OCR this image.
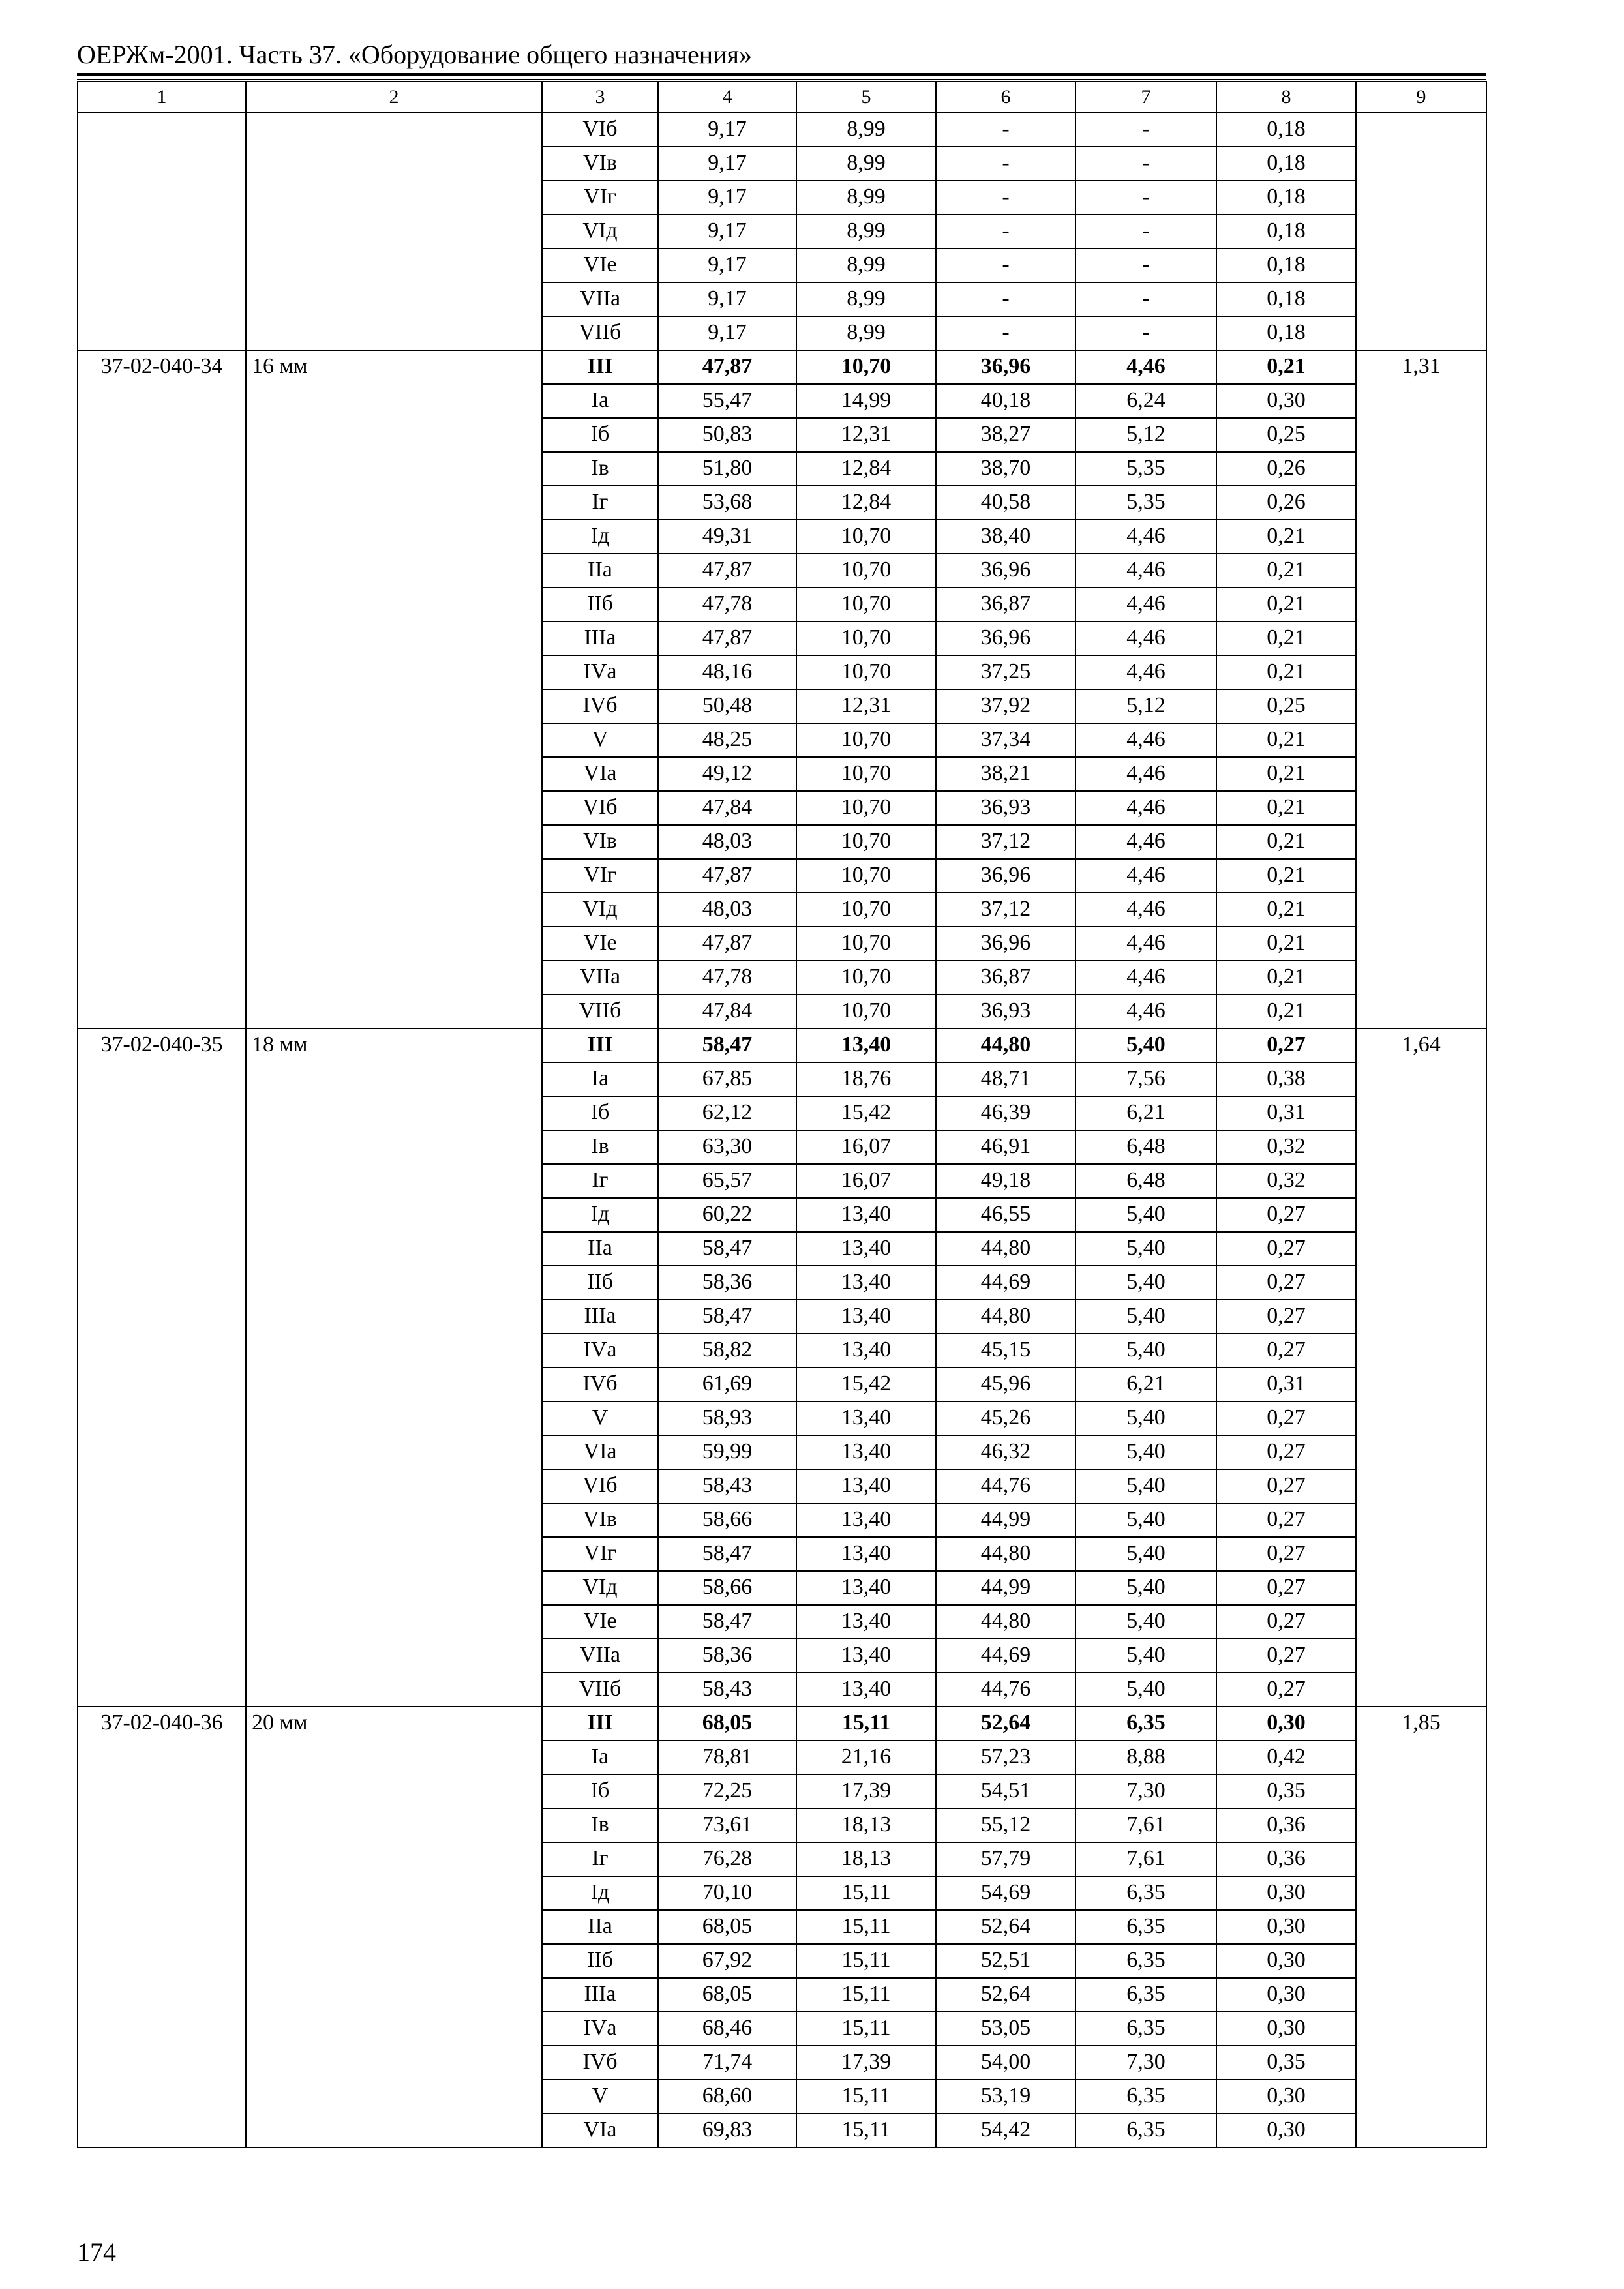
ОЕРЖм-2001. Часть 37. «Оборудование общего назначения»
1	2	3	4	5	6	7	8	9
		VIб	9,17	8,99	-	-	0,18	
		VIв	9,17	8,99	-	-	0,18	
		VIг	9,17	8,99	-	-	0,18	
		VIд	9,17	8,99	-	-	0,18	
		VIе	9,17	8,99	-	-	0,18	
		VIIа	9,17	8,99	-	-	0,18	
		VIIб	9,17	8,99	-	-	0,18	
37-02-040-34	16 мм	III	47,87	10,70	36,96	4,46	0,21	1,31
		Iа	55,47	14,99	40,18	6,24	0,30	
		Iб	50,83	12,31	38,27	5,12	0,25	
		Iв	51,80	12,84	38,70	5,35	0,26	
		Iг	53,68	12,84	40,58	5,35	0,26	
		Iд	49,31	10,70	38,40	4,46	0,21	
		IIа	47,87	10,70	36,96	4,46	0,21	
		IIб	47,78	10,70	36,87	4,46	0,21	
		IIIа	47,87	10,70	36,96	4,46	0,21	
		IVа	48,16	10,70	37,25	4,46	0,21	
		IVб	50,48	12,31	37,92	5,12	0,25	
		V	48,25	10,70	37,34	4,46	0,21	
		VIа	49,12	10,70	38,21	4,46	0,21	
		VIб	47,84	10,70	36,93	4,46	0,21	
		VIв	48,03	10,70	37,12	4,46	0,21	
		VIг	47,87	10,70	36,96	4,46	0,21	
		VIд	48,03	10,70	37,12	4,46	0,21	
		VIе	47,87	10,70	36,96	4,46	0,21	
		VIIа	47,78	10,70	36,87	4,46	0,21	
		VIIб	47,84	10,70	36,93	4,46	0,21	
37-02-040-35	18 мм	III	58,47	13,40	44,80	5,40	0,27	1,64
		Iа	67,85	18,76	48,71	7,56	0,38	
		Iб	62,12	15,42	46,39	6,21	0,31	
		Iв	63,30	16,07	46,91	6,48	0,32	
		Iг	65,57	16,07	49,18	6,48	0,32	
		Iд	60,22	13,40	46,55	5,40	0,27	
		IIа	58,47	13,40	44,80	5,40	0,27	
		IIб	58,36	13,40	44,69	5,40	0,27	
		IIIа	58,47	13,40	44,80	5,40	0,27	
		IVа	58,82	13,40	45,15	5,40	0,27	
		IVб	61,69	15,42	45,96	6,21	0,31	
		V	58,93	13,40	45,26	5,40	0,27	
		VIа	59,99	13,40	46,32	5,40	0,27	
		VIб	58,43	13,40	44,76	5,40	0,27	
		VIв	58,66	13,40	44,99	5,40	0,27	
		VIг	58,47	13,40	44,80	5,40	0,27	
		VIд	58,66	13,40	44,99	5,40	0,27	
		VIе	58,47	13,40	44,80	5,40	0,27	
		VIIа	58,36	13,40	44,69	5,40	0,27	
		VIIб	58,43	13,40	44,76	5,40	0,27	
37-02-040-36	20 мм	III	68,05	15,11	52,64	6,35	0,30	1,85
		Iа	78,81	21,16	57,23	8,88	0,42	
		Iб	72,25	17,39	54,51	7,30	0,35	
		Iв	73,61	18,13	55,12	7,61	0,36	
		Iг	76,28	18,13	57,79	7,61	0,36	
		Iд	70,10	15,11	54,69	6,35	0,30	
		IIа	68,05	15,11	52,64	6,35	0,30	
		IIб	67,92	15,11	52,51	6,35	0,30	
		IIIа	68,05	15,11	52,64	6,35	0,30	
		IVа	68,46	15,11	53,05	6,35	0,30	
		IVб	71,74	17,39	54,00	7,30	0,35	
		V	68,60	15,11	53,19	6,35	0,30	
		VIа	69,83	15,11	54,42	6,35	0,30	
174
